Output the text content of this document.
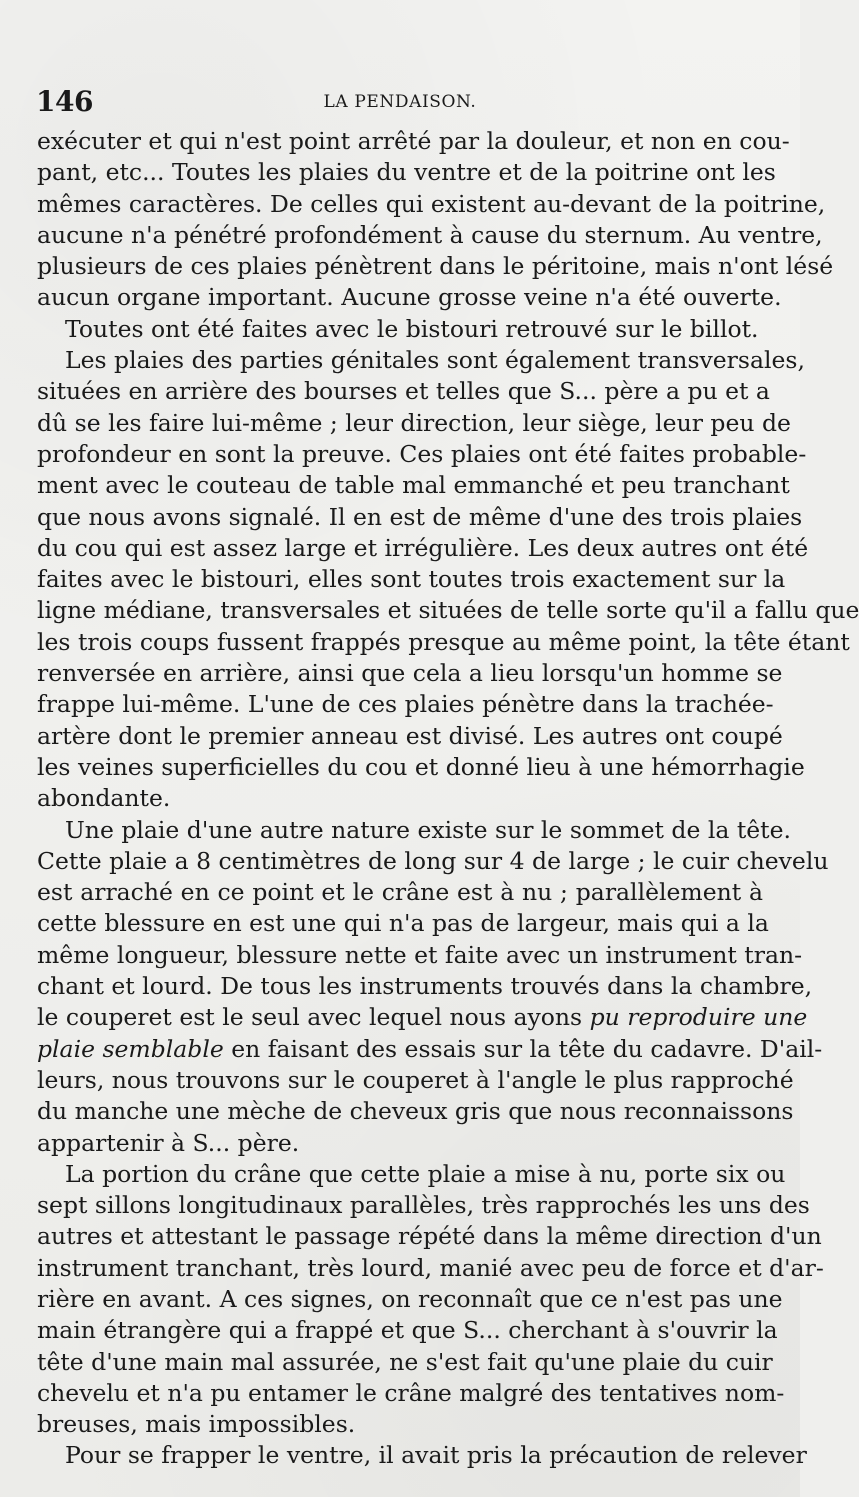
146	LA PENDAISON.
exécuter et qui n'est point arrêté par la douleur, et non en cou-
pant, etc... Toutes les plaies du ventre et de la poitrine ont les
mêmes caractères. De celles qui existent au-devant de la poitrine,
aucune n'a pénétré profondément à cause du sternum. Au ventre,
plusieurs de ces plaies pénètrent dans le péritoine, mais n'ont lésé
aucun organe important. Aucune grosse veine n'a été ouverte.
Toutes ont été faites avec le bistouri retrouvé sur le billot.
Les plaies des parties génitales sont également transversales,
situées en arrière des bourses et telles que S... père a pu et a
dû se les faire lui-même ; leur direction, leur siège, leur peu de
profondeur en sont la preuve. Ces plaies ont été faites probable-
ment avec le couteau de table mal emmanché et peu tranchant
que nous avons signalé. Il en est de même d'une des trois plaies
du cou qui est assez large et irrégulière. Les deux autres ont été
faites avec le bistouri, elles sont toutes trois exactement sur la
ligne médiane, transversales et situées de telle sorte qu'il a fallu que
les trois coups fussent frappés presque au même point, la tête étant
renversée en arrière, ainsi que cela a lieu lorsqu'un homme se
frappe lui-même. L'une de ces plaies pénètre dans la trachée-
artère dont le premier anneau est divisé. Les autres ont coupé
les veines superficielles du cou et donné lieu à une hémorrhagie
abondante.
Une plaie d'une autre nature existe sur le sommet de la tête.
Cette plaie a 8 centimètres de long sur 4 de large ; le cuir chevelu
est arraché en ce point et le crâne est à nu ; parallèlement à
cette blessure en est une qui n'a pas de largeur, mais qui a la
même longueur, blessure nette et faite avec un instrument tran-
chant et lourd. De tous les instruments trouvés dans la chambre,
le couperet est le seul avec lequel nous ayons pu reproduire une
plaie semblable en faisant des essais sur la tête du cadavre. D'ail-
leurs, nous trouvons sur le couperet à l'angle le plus rapproché
du manche une mèche de cheveux gris que nous reconnaissons
appartenir à S... père.
La portion du crâne que cette plaie a mise à nu, porte six ou
sept sillons longitudinaux parallèles, très rapprochés les uns des
autres et attestant le passage répété dans la même direction d'un
instrument tranchant, très lourd, manié avec peu de force et d'ar-
rière en avant. A ces signes, on reconnaît que ce n'est pas une
main étrangère qui a frappé et que S... cherchant à s'ouvrir la
tête d'une main mal assurée, ne s'est fait qu'une plaie du cuir
chevelu et n'a pu entamer le crâne malgré des tentatives nom-
breuses, mais impossibles.
Pour se frapper le ventre, il avait pris la précaution de relever
